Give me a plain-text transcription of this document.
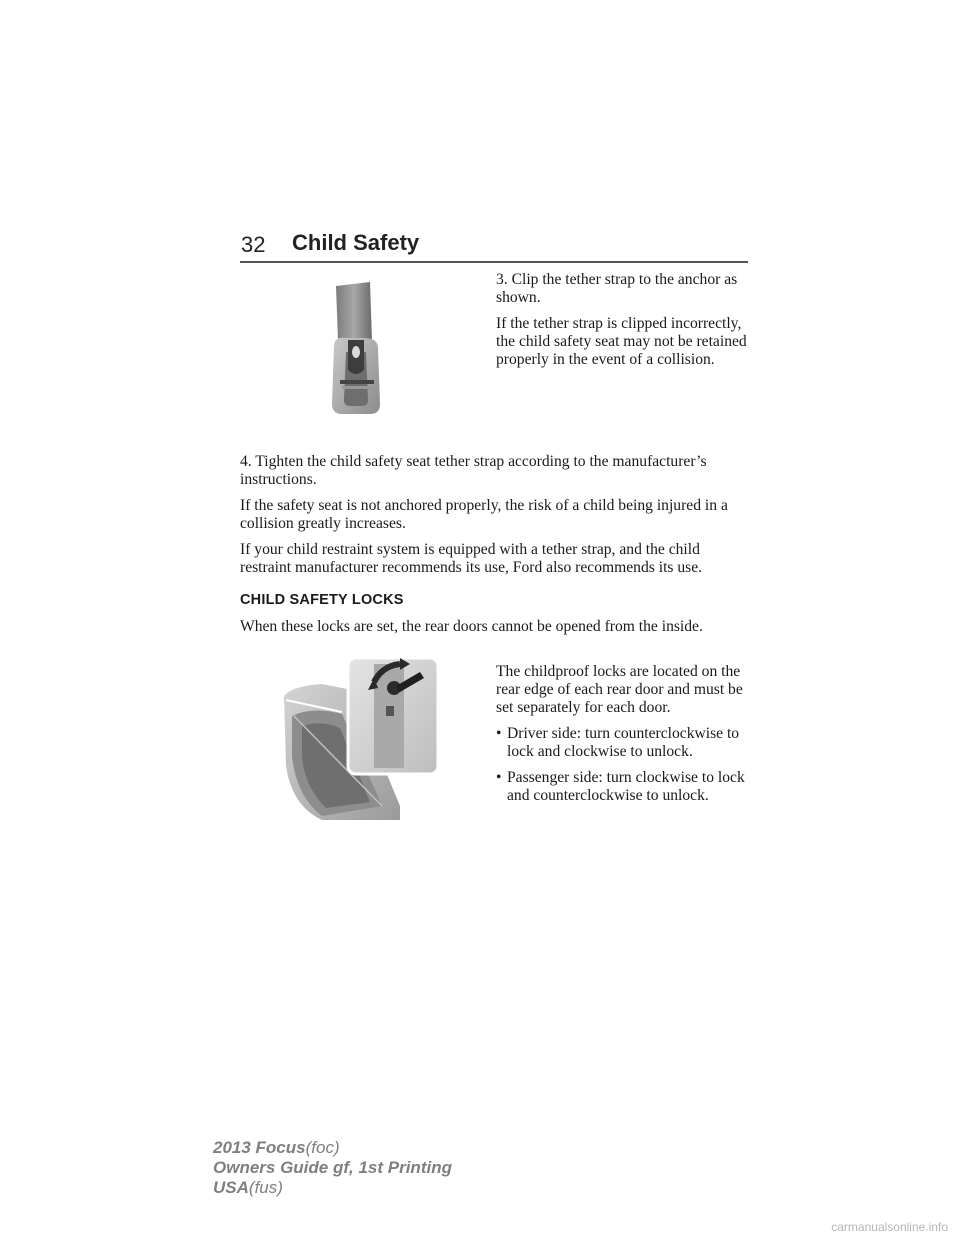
32 Child Safety

3. Clip the tether strap to the anchor as shown.

If the tether strap is clipped incorrectly, the child safety seat may not be retained properly in the event of a collision.

4. Tighten the child safety seat tether strap according to the manufacturer’s instructions.

If the safety seat is not anchored properly, the risk of a child being injured in a collision greatly increases.

If your child restraint system is equipped with a tether strap, and the child restraint manufacturer recommends its use, Ford also recommends its use.

CHILD SAFETY LOCKS

When these locks are set, the rear doors cannot be opened from the inside.

The childproof locks are located on the rear edge of each rear door and must be set separately for each door.

• Driver side: turn counterclockwise to lock and clockwise to unlock.
• Passenger side: turn clockwise to lock and counterclockwise to unlock.
2013 Focus(foc)
Owners Guide gf, 1st Printing
USA(fus)
carmanualsonline.info
